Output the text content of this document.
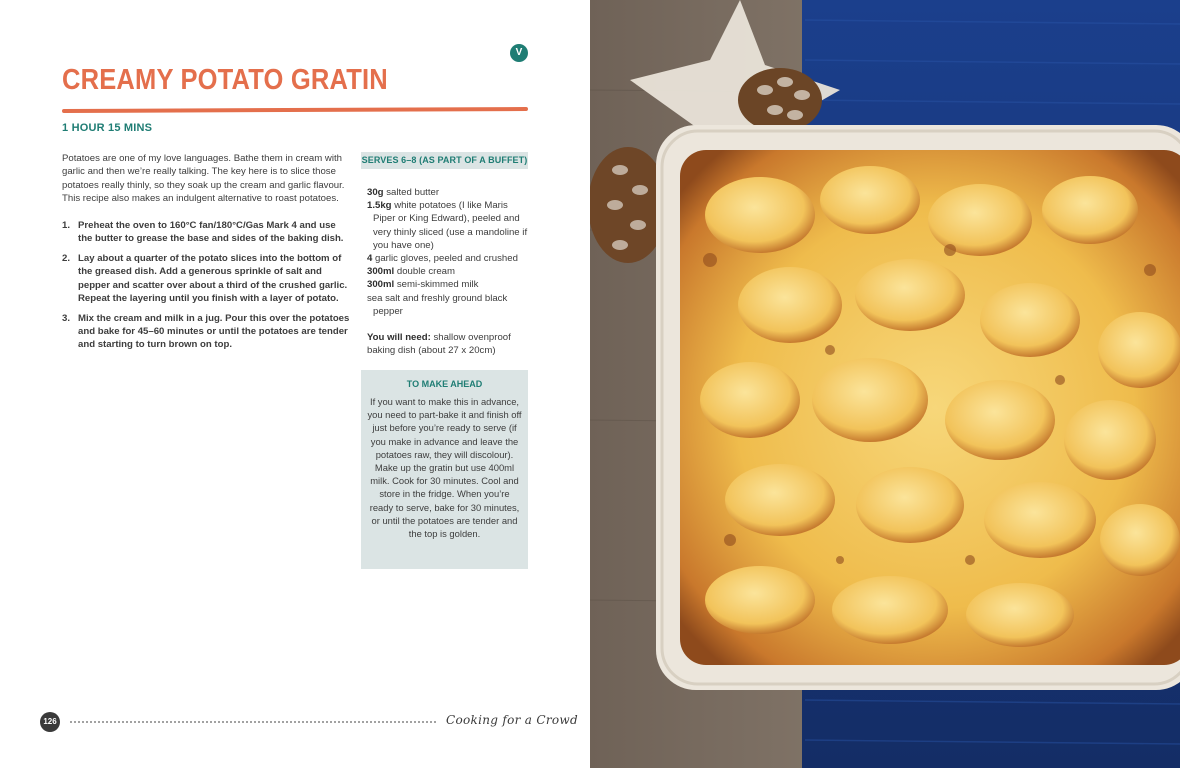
V
CREAMY POTATO GRATIN
1 HOUR 15 MINS

Potatoes are one of my love languages. Bathe them in cream with garlic and then we’re really talking. The key here is to slice those potatoes really thinly, so they soak up the cream and garlic flavour. This recipe also makes an indulgent alternative to roast potatoes.

1. Preheat the oven to 160°C fan/180°C/Gas Mark 4 and use the butter to grease the base and sides of the baking dish.
2. Lay about a quarter of the potato slices into the bottom of the greased dish. Add a generous sprinkle of salt and pepper and scatter over about a third of the crushed garlic. Repeat the layering until you finish with a layer of potato.
3. Mix the cream and milk in a jug. Pour this over the potatoes and bake for 45–60 minutes or until the potatoes are tender and starting to turn brown on top.
SERVES 6–8 (AS PART OF A BUFFET)
30g salted butter
1.5kg white potatoes (I like Maris Piper or King Edward), peeled and very thinly sliced (use a mandoline if you have one)
4 garlic gloves, peeled and crushed
300ml double cream
300ml semi-skimmed milk
sea salt and freshly ground black pepper

You will need: shallow ovenproof baking dish (about 27 x 20cm)

TO MAKE AHEAD

If you want to make this in advance, you need to part-bake it and finish off just before you’re ready to serve (if you make in advance and leave the potatoes raw, they will discolour). Make up the gratin but use 400ml milk. Cook for 30 minutes. Cool and store in the fridge. When you’re ready to serve, bake for 30 minutes, or until the potatoes are tender and the top is golden.

126	Cooking for a Crowd
